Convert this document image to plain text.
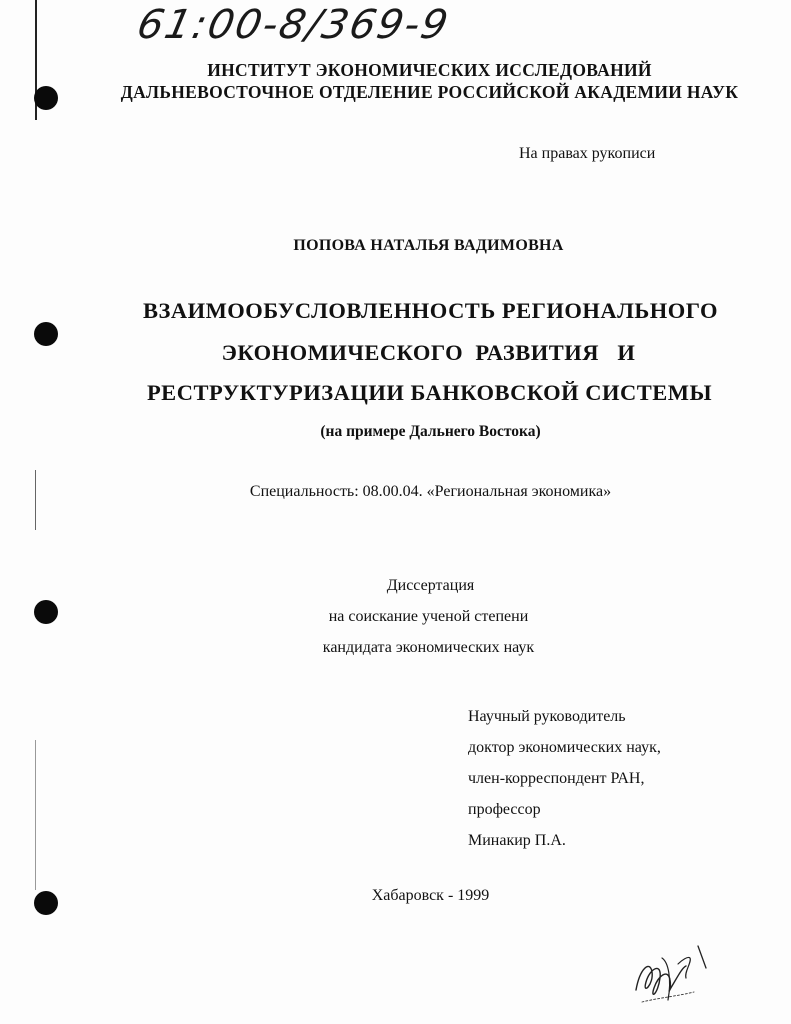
61:00-8/369-9
ИНСТИТУТ ЭКОНОМИЧЕСКИХ ИССЛЕДОВАНИЙ
ДАЛЬНЕВОСТОЧНОЕ ОТДЕЛЕНИЕ РОССИЙСКОЙ АКАДЕМИИ НАУК
На правах рукописи
ПОПОВА НАТАЛЬЯ ВАДИМОВНА
ВЗАИМООБУСЛОВЛЕННОСТЬ РЕГИОНАЛЬНОГО
ЭКОНОМИЧЕСКОГО  РАЗВИТИЯ   И
РЕСТРУКТУРИЗАЦИИ БАНКОВСКОЙ СИСТЕМЫ
(на примере Дальнего Востока)
Специальность: 08.00.04. «Региональная экономика»
Диссертация
на соискание ученой степени
кандидата экономических наук
Научный руководитель
доктор экономических наук,
член-корреспондент РАН,
профессор
Минакир П.А.
Хабаровск - 1999
